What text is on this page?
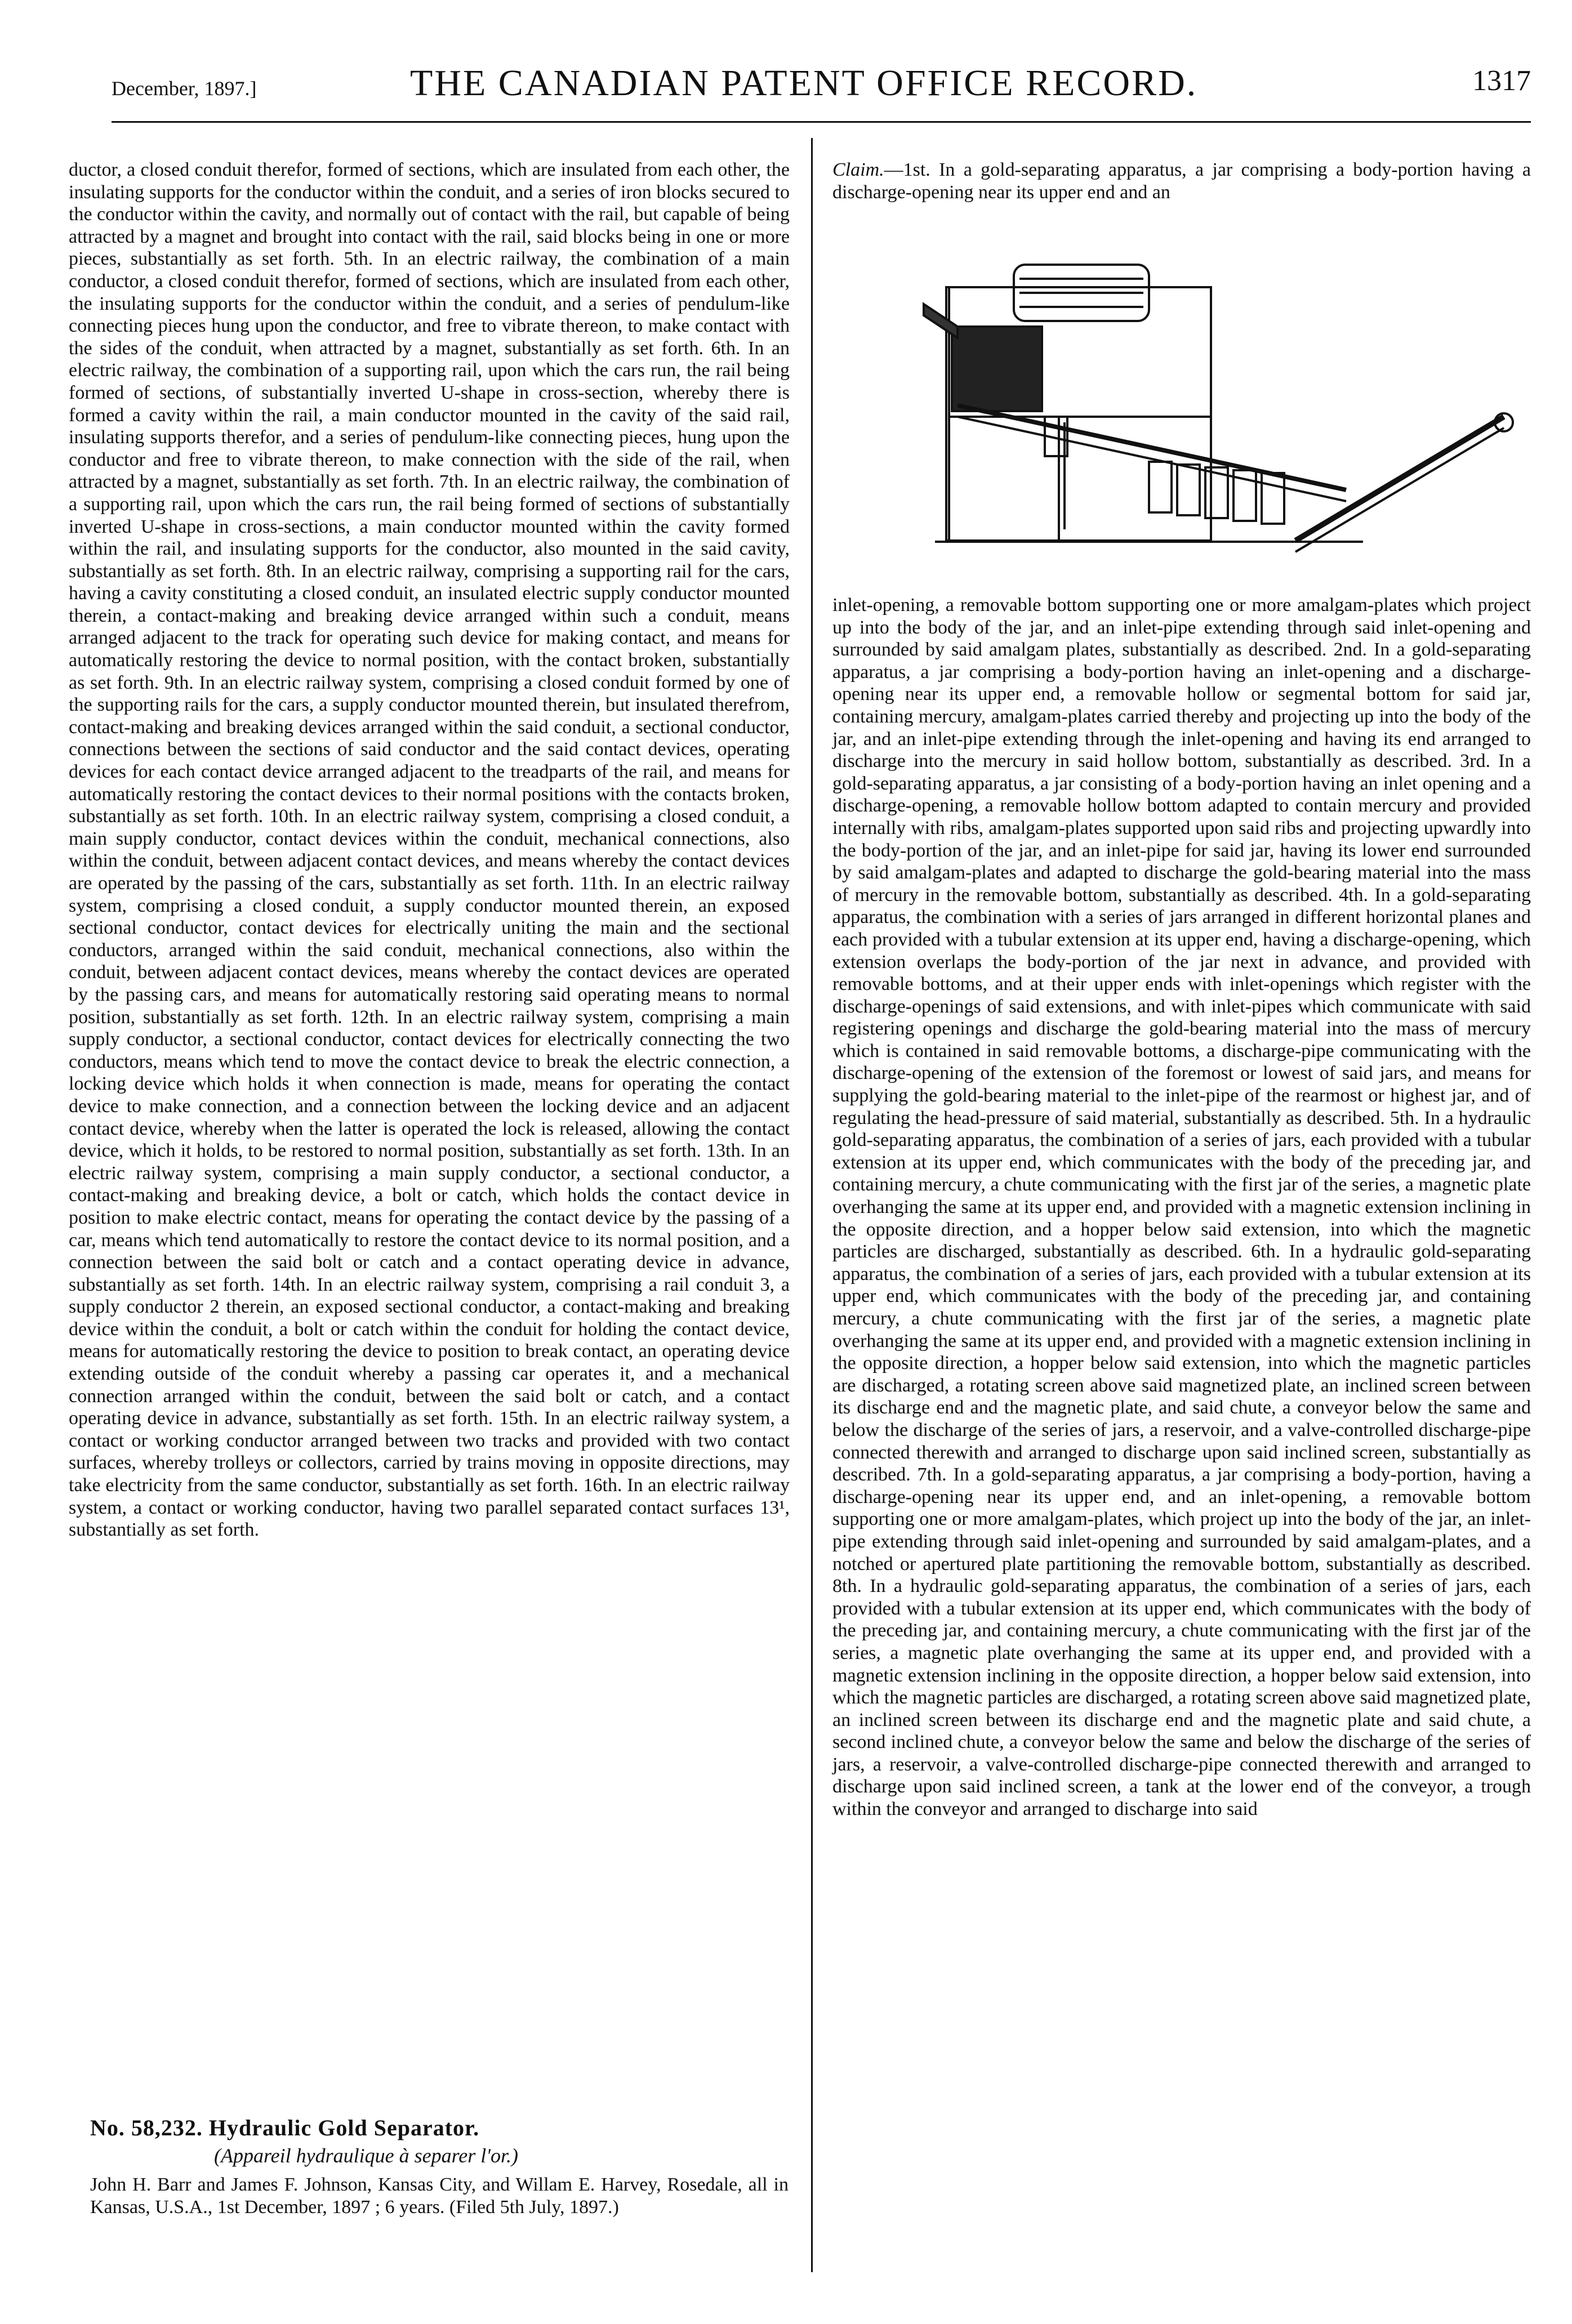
December, 1897.]	THE CANADIAN PATENT OFFICE RECORD.	1317

ductor, a closed conduit therefor, formed of sections, which are insulated from each other, the insulating supports for the conductor within the conduit, and a series of iron blocks secured to the conductor within the cavity, and normally out of contact with the rail, but capable of being attracted by a magnet and brought into contact with the rail, said blocks being in one or more pieces, substantially as set forth. 5th. In an electric railway, the combination of a main conductor, a closed conduit therefor, formed of sections, which are insulated from each other, the insulating supports for the conductor within the conduit, and a series of pendulum-like connecting pieces hung upon the conductor, and free to vibrate thereon, to make contact with the sides of the conduit, when attracted by a magnet, substantially as set forth. 6th. In an electric railway, the combination of a supporting rail, upon which the cars run, the rail being formed of sections, of substantially inverted U-shape in cross-section, whereby there is formed a cavity within the rail, a main conductor mounted in the cavity of the said rail, insulating supports therefor, and a series of pendulum-like connecting pieces, hung upon the conductor and free to vibrate thereon, to make connection with the side of the rail, when attracted by a magnet, substantially as set forth. 7th. In an electric railway, the combination of a supporting rail, upon which the cars run, the rail being formed of sections of substantially inverted U-shape in cross-sections, a main conductor mounted within the cavity formed within the rail, and insulating supports for the conductor, also mounted in the said cavity, substantially as set forth. 8th. In an electric railway, comprising a supporting rail for the cars, having a cavity constituting a closed conduit, an insulated electric supply conductor mounted therein, a contact-making and breaking device arranged within such a conduit, means arranged adjacent to the track for operating such device for making contact, and means for automatically restoring the device to normal position, with the contact broken, substantially as set forth. 9th. In an electric railway system, comprising a closed conduit formed by one of the supporting rails for the cars, a supply conductor mounted therein, but insulated therefrom, contact-making and breaking devices arranged within the said conduit, a sectional conductor, connections between the sections of said conductor and the said contact devices, operating devices for each contact device arranged adjacent to the treadparts of the rail, and means for automatically restoring the contact devices to their normal positions with the contacts broken, substantially as set forth. 10th. In an electric railway system, comprising a closed conduit, a main supply conductor, contact devices within the conduit, mechanical connections, also within the conduit, between adjacent contact devices, and means whereby the contact devices are operated by the passing of the cars, substantially as set forth. 11th. In an electric railway system, comprising a closed conduit, a supply conductor mounted therein, an exposed sectional conductor, contact devices for electrically uniting the main and the sectional conductors, arranged within the said conduit, mechanical connections, also within the conduit, between adjacent contact devices, means whereby the contact devices are operated by the passing cars, and means for automatically restoring said operating means to normal position, substantially as set forth. 12th. In an electric railway system, comprising a main supply conductor, a sectional conductor, contact devices for electrically connecting the two conductors, means which tend to move the contact device to break the electric connection, a locking device which holds it when connection is made, means for operating the contact device to make connection, and a connection between the locking device and an adjacent contact device, whereby when the latter is operated the lock is released, allowing the contact device, which it holds, to be restored to normal position, substantially as set forth. 13th. In an electric railway system, comprising a main supply conductor, a sectional conductor, a contact-making and breaking device, a bolt or catch, which holds the contact device in position to make electric contact, means for operating the contact device by the passing of a car, means which tend automatically to restore the contact device to its normal position, and a connection between the said bolt or catch and a contact operating device in advance, substantially as set forth. 14th. In an electric railway system, comprising a rail conduit 3, a supply conductor 2 therein, an exposed sectional conductor, a contact-making and breaking device within the conduit, a bolt or catch within the conduit for holding the contact device, means for automatically restoring the device to position to break contact, an operating device extending outside of the conduit whereby a passing car operates it, and a mechanical connection arranged within the conduit, between the said bolt or catch, and a contact operating device in advance, substantially as set forth. 15th. In an electric railway system, a contact or working conductor arranged between two tracks and provided with two contact surfaces, whereby trolleys or collectors, carried by trains moving in opposite directions, may take electricity from the same conductor, substantially as set forth. 16th. In an electric railway system, a contact or working conductor, having two parallel separated contact surfaces 13¹, substantially as set forth.

No. 58,232. Hydraulic Gold Separator.
(Appareil hydraulique à separer l'or.)
John H. Barr and James F. Johnson, Kansas City, and Willam E. Harvey, Rosedale, all in Kansas, U.S.A., 1st December, 1897 ; 6 years. (Filed 5th July, 1897.)

Claim.—1st. In a gold-separating apparatus, a jar comprising a body-portion having a discharge-opening near its upper end and an

inlet-opening, a removable bottom supporting one or more amalgam-plates which project up into the body of the jar, and an inlet-pipe extending through said inlet-opening and surrounded by said amalgam plates, substantially as described. 2nd. In a gold-separating apparatus, a jar comprising a body-portion having an inlet-opening and a discharge-opening near its upper end, a removable hollow or segmental bottom for said jar, containing mercury, amalgam-plates carried thereby and projecting up into the body of the jar, and an inlet-pipe extending through the inlet-opening and having its end arranged to discharge into the mercury in said hollow bottom, substantially as described. 3rd. In a gold-separating apparatus, a jar consisting of a body-portion having an inlet opening and a discharge-opening, a removable hollow bottom adapted to contain mercury and provided internally with ribs, amalgam-plates supported upon said ribs and projecting upwardly into the body-portion of the jar, and an inlet-pipe for said jar, having its lower end surrounded by said amalgam-plates and adapted to discharge the gold-bearing material into the mass of mercury in the removable bottom, substantially as described. 4th. In a gold-separating apparatus, the combination with a series of jars arranged in different horizontal planes and each provided with a tubular extension at its upper end, having a discharge-opening, which extension overlaps the body-portion of the jar next in advance, and provided with removable bottoms, and at their upper ends with inlet-openings which register with the discharge-openings of said extensions, and with inlet-pipes which communicate with said registering openings and discharge the gold-bearing material into the mass of mercury which is contained in said removable bottoms, a discharge-pipe communicating with the discharge-opening of the extension of the foremost or lowest of said jars, and means for supplying the gold-bearing material to the inlet-pipe of the rearmost or highest jar, and of regulating the head-pressure of said material, substantially as described. 5th. In a hydraulic gold-separating apparatus, the combination of a series of jars, each provided with a tubular extension at its upper end, which communicates with the body of the preceding jar, and containing mercury, a chute communicating with the first jar of the series, a magnetic plate overhanging the same at its upper end, and provided with a magnetic extension inclining in the opposite direction, and a hopper below said extension, into which the magnetic particles are discharged, substantially as described. 6th. In a hydraulic gold-separating apparatus, the combination of a series of jars, each provided with a tubular extension at its upper end, which communicates with the body of the preceding jar, and containing mercury, a chute communicating with the first jar of the series, a magnetic plate overhanging the same at its upper end, and provided with a magnetic extension inclining in the opposite direction, a hopper below said extension, into which the magnetic particles are discharged, a rotating screen above said magnetized plate, an inclined screen between its discharge end and the magnetic plate, and said chute, a conveyor below the same and below the discharge of the series of jars, a reservoir, and a valve-controlled discharge-pipe connected therewith and arranged to discharge upon said inclined screen, substantially as described. 7th. In a gold-separating apparatus, a jar comprising a body-portion, having a discharge-opening near its upper end, and an inlet-opening, a removable bottom supporting one or more amalgam-plates, which project up into the body of the jar, an inlet-pipe extending through said inlet-opening and surrounded by said amalgam-plates, and a notched or apertured plate partitioning the removable bottom, substantially as described. 8th. In a hydraulic gold-separating apparatus, the combination of a series of jars, each provided with a tubular extension at its upper end, which communicates with the body of the preceding jar, and containing mercury, a chute communicating with the first jar of the series, a magnetic plate overhanging the same at its upper end, and provided with a magnetic extension inclining in the opposite direction, a hopper below said extension, into which the magnetic particles are discharged, a rotating screen above said magnetized plate, an inclined screen between its discharge end and the magnetic plate and said chute, a second inclined chute, a conveyor below the same and below the discharge of the series of jars, a reservoir, a valve-controlled discharge-pipe connected therewith and arranged to discharge upon said inclined screen, a tank at the lower end of the conveyor, a trough within the conveyor and arranged to discharge into said
